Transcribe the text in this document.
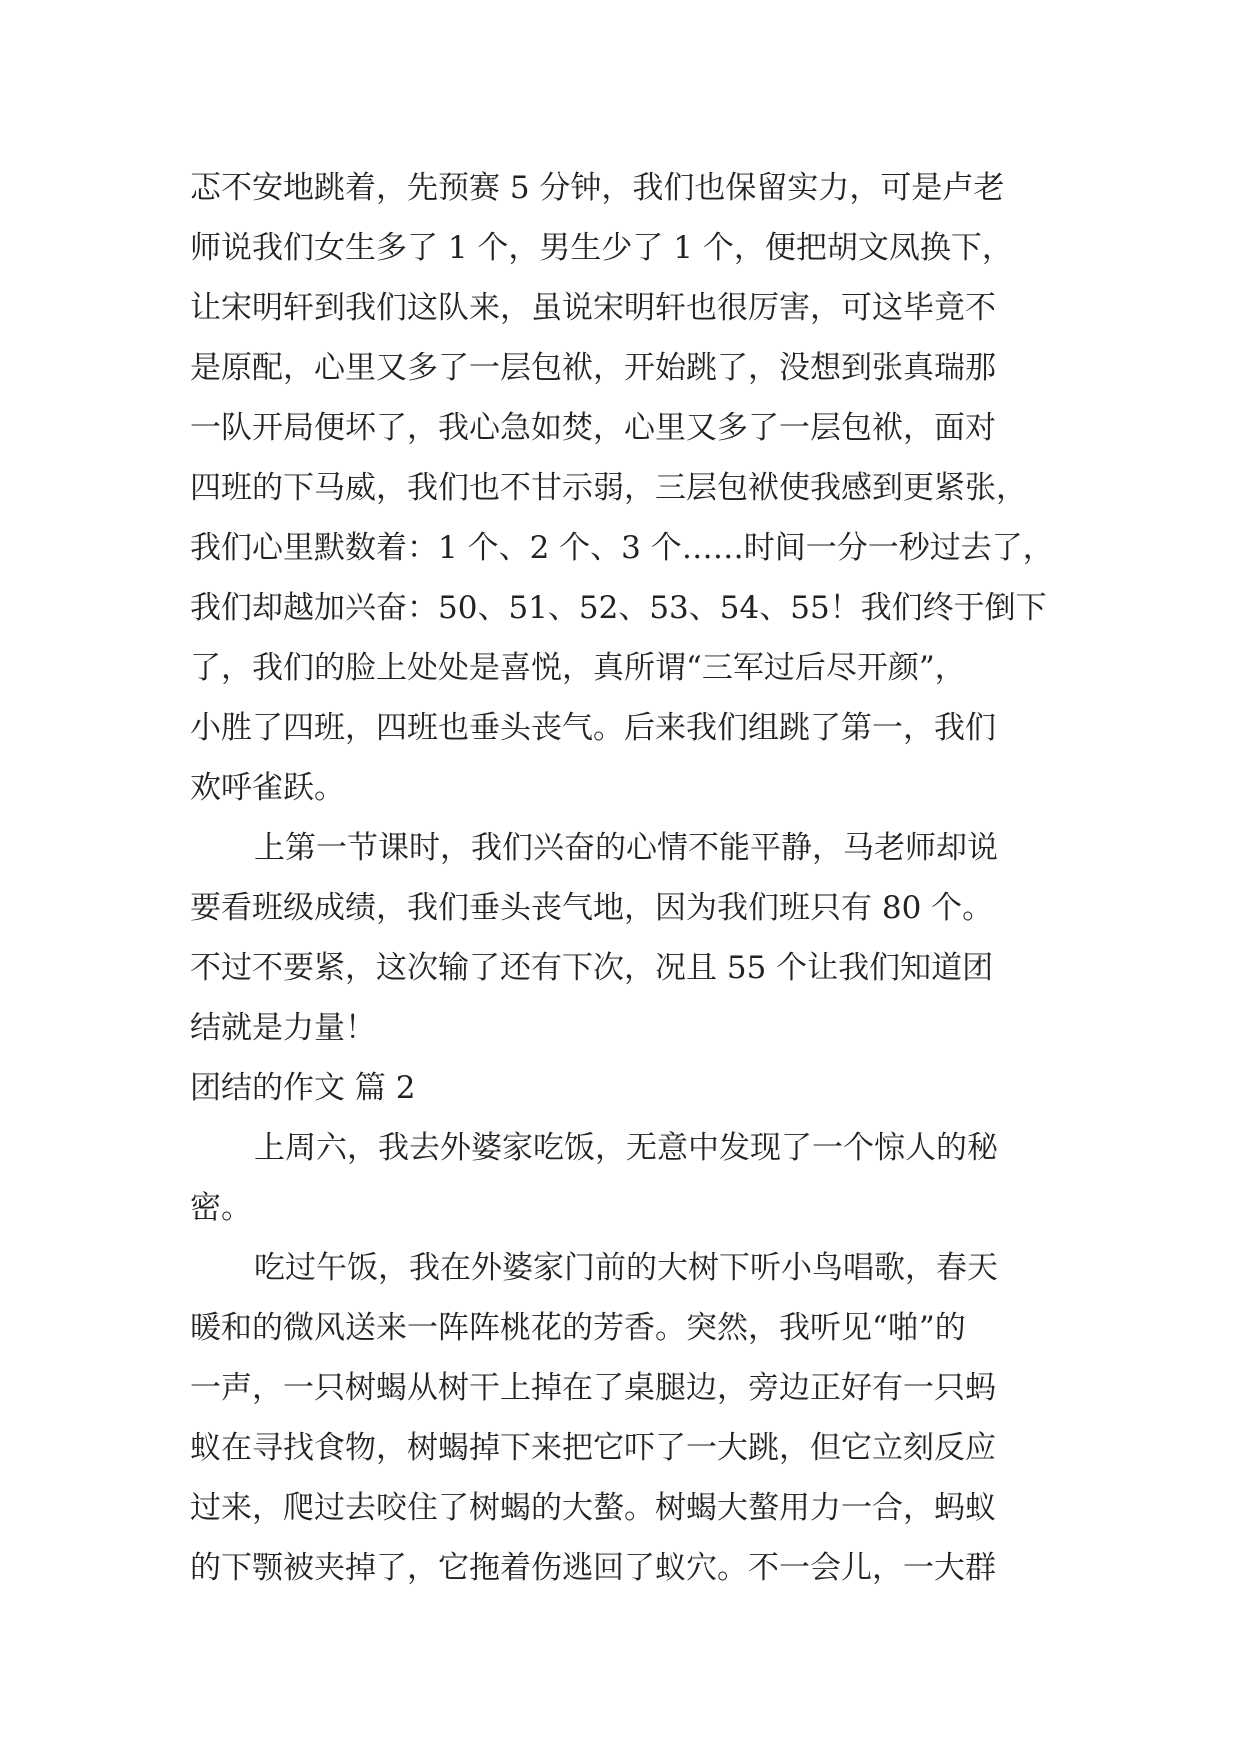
忑不安地跳着，先预赛 5 分钟，我们也保留实力，可是卢老
师说我们女生多了 1 个，男生少了 1 个，便把胡文凤换下，
让宋明轩到我们这队来，虽说宋明轩也很厉害，可这毕竟不
是原配，心里又多了一层包袱，开始跳了，没想到张真瑞那
一队开局便坏了，我心急如焚，心里又多了一层包袱，面对
四班的下马威，我们也不甘示弱，三层包袱使我感到更紧张，
我们心里默数着：1 个、2 个、3 个……时间一分一秒过去了，
我们却越加兴奋：50、51、52、53、54、55！我们终于倒下
了，我们的脸上处处是喜悦，真所谓“三军过后尽开颜”，
小胜了四班，四班也垂头丧气。后来我们组跳了第一，我们
欢呼雀跃。
上第一节课时，我们兴奋的心情不能平静，马老师却说
要看班级成绩，我们垂头丧气地，因为我们班只有 80 个。
不过不要紧，这次输了还有下次，况且 55 个让我们知道团
结就是力量！
团结的作文 篇 2
上周六，我去外婆家吃饭，无意中发现了一个惊人的秘
密。
吃过午饭，我在外婆家门前的大树下听小鸟唱歌，春天
暖和的微风送来一阵阵桃花的芳香。突然，我听见“啪”的
一声，一只树蝎从树干上掉在了桌腿边，旁边正好有一只蚂
蚁在寻找食物，树蝎掉下来把它吓了一大跳，但它立刻反应
过来，爬过去咬住了树蝎的大螯。树蝎大螯用力一合，蚂蚁
的下颚被夹掉了，它拖着伤逃回了蚁穴。不一会儿，一大群
